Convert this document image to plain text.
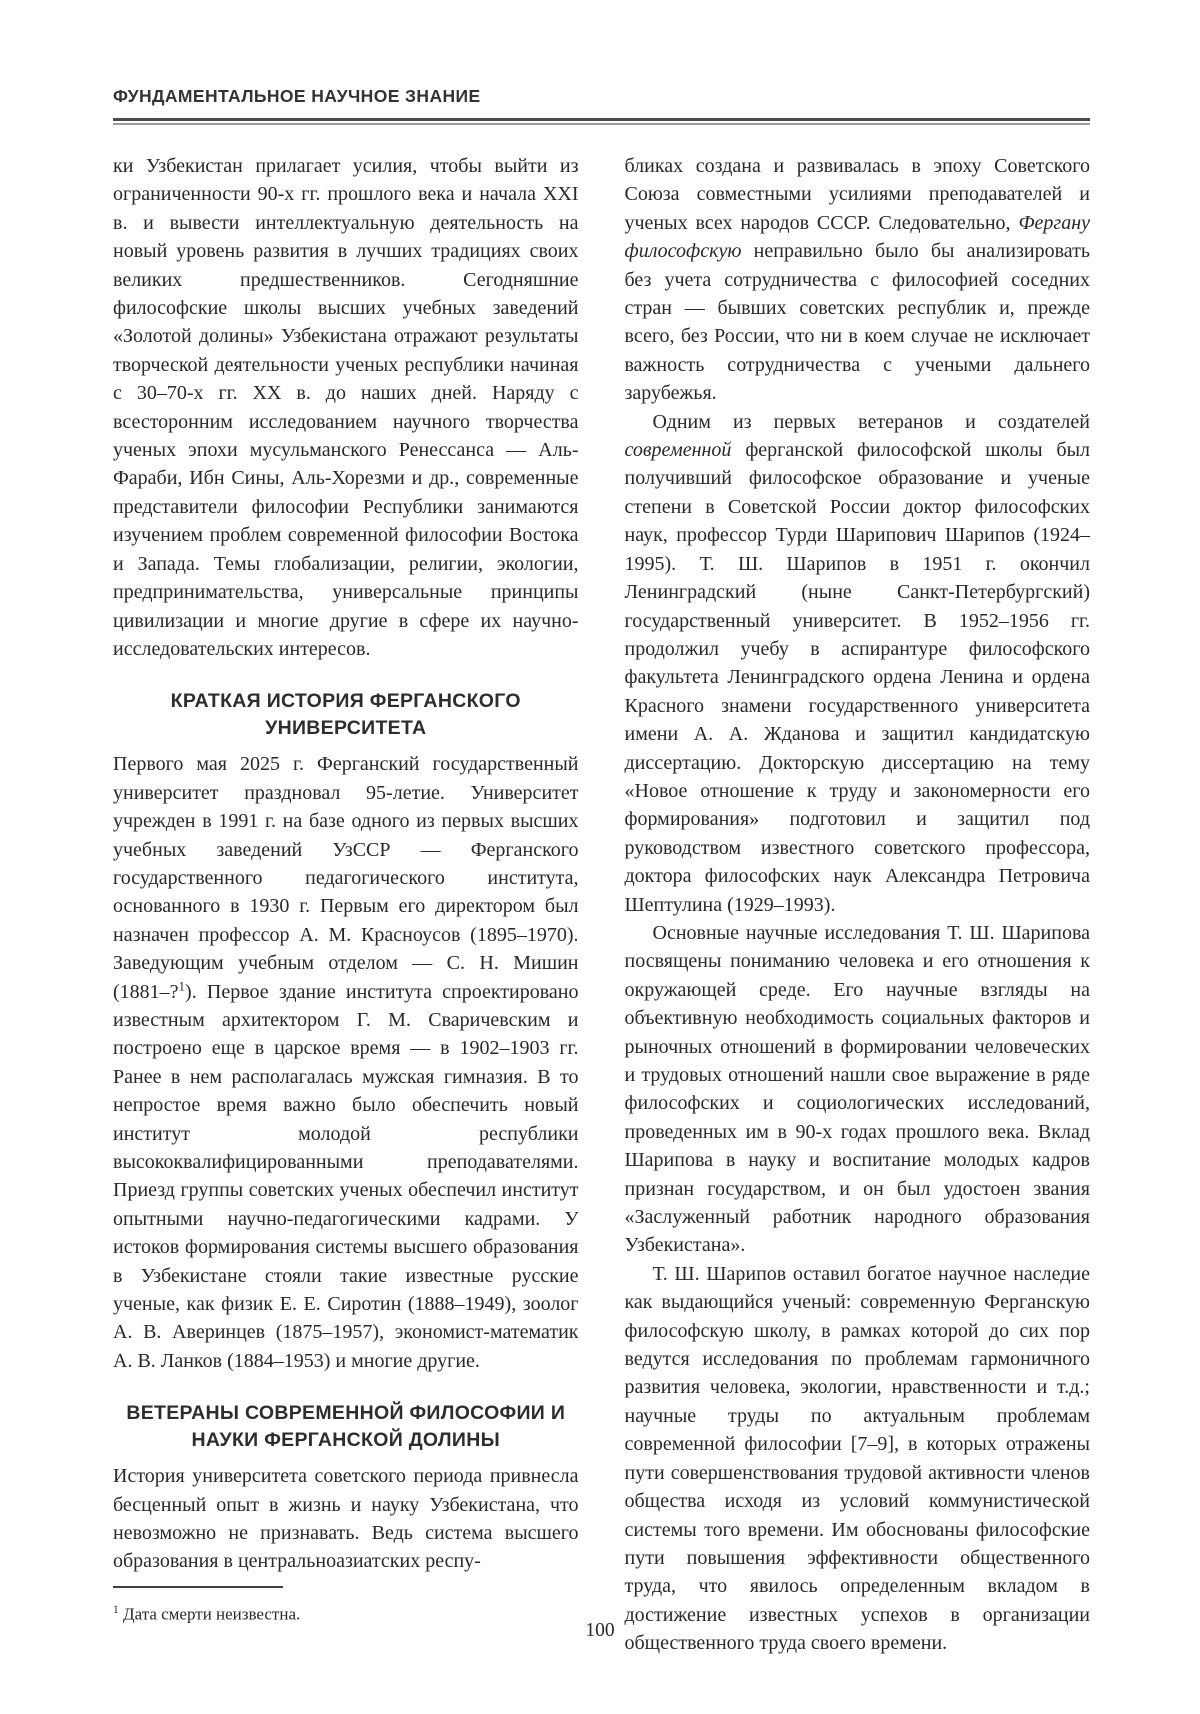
ФУНДАМЕНТАЛЬНОЕ НАУЧНОЕ ЗНАНИЕ

ки Узбекистан прилагает усилия, чтобы выйти из ограниченности 90-х гг. прошлого века и начала XXI в. и вывести интеллектуальную деятельность на новый уровень развития в лучших традициях своих великих предшественников. Сегодняшние философские школы высших учебных заведений «Золотой долины» Узбекистана отражают результаты творческой деятельности ученых республики начиная с 30–70-х гг. XX в. до наших дней. Наряду с всесторонним исследованием научного творчества ученых эпохи мусульманского Ренессанса — Аль-Фараби, Ибн Сины, Аль-Хорезми и др., современные представители философии Республики занимаются изучением проблем современной философии Востока и Запада. Темы глобализации, религии, экологии, предпринимательства, универсальные принципы цивилизации и многие другие в сфере их научно-исследовательских интересов.

КРАТКАЯ ИСТОРИЯ ФЕРГАНСКОГО УНИВЕРСИТЕТА

Первого мая 2025 г. Ферганский государственный университет праздновал 95-летие. Университет учрежден в 1991 г. на базе одного из первых высших учебных заведений УзССР — Ферганского государственного педагогического института, основанного в 1930 г. Первым его директором был назначен профессор А. М. Красноусов (1895–1970). Заведующим учебным отделом — С. Н. Мишин (1881–?$^1$). Первое здание института спроектировано известным архитектором Г. М. Сваричевским и построено еще в царское время — в 1902–1903 гг. Ранее в нем располагалась мужская гимназия. В то непростое время важно было обеспечить новый институт молодой республики высококвалифицированными преподавателями. Приезд группы советских ученых обеспечил институт опытными научно-педагогическими кадрами. У истоков формирования системы высшего образования в Узбекистане стояли такие известные русские ученые, как физик Е. Е. Сиротин (1888–1949), зоолог А. В. Аверинцев (1875–1957), экономист-математик А. В. Ланков (1884–1953) и многие другие.

ВЕТЕРАНЫ СОВРЕМЕННОЙ ФИЛОСОФИИ И НАУКИ ФЕРГАНСКОЙ ДОЛИНЫ

История университета советского периода привнесла бесценный опыт в жизнь и науку Узбекистана, что невозможно не признавать. Ведь система высшего образования в центральноазиатских респу-

$^1$ Дата смерти неизвестна.

бликах создана и развивалась в эпоху Советского Союза совместными усилиями преподавателей и ученых всех народов СССР. Следовательно, Фергану философскую неправильно было бы анализировать без учета сотрудничества с философией соседних стран — бывших советских республик и, прежде всего, без России, что ни в коем случае не исключает важность сотрудничества с учеными дальнего зарубежья.

Одним из первых ветеранов и создателей современной ферганской философской школы был получивший философское образование и ученые степени в Советской России доктор философских наук, профессор Турди Шарипович Шарипов (1924–1995). Т. Ш. Шарипов в 1951 г. окончил Ленинградский (ныне Санкт-Петербургский) государственный университет. В 1952–1956 гг. продолжил учебу в аспирантуре философского факультета Ленинградского ордена Ленина и ордена Красного знамени государственного университета имени А. А. Жданова и защитил кандидатскую диссертацию. Докторскую диссертацию на тему «Новое отношение к труду и закономерности его формирования» подготовил и защитил под руководством известного советского профессора, доктора философских наук Александра Петровича Шептулина (1929–1993).

Основные научные исследования Т. Ш. Шарипова посвящены пониманию человека и его отношения к окружающей среде. Его научные взгляды на объективную необходимость социальных факторов и рыночных отношений в формировании человеческих и трудовых отношений нашли свое выражение в ряде философских и социологических исследований, проведенных им в 90-х годах прошлого века. Вклад Шарипова в науку и воспитание молодых кадров признан государством, и он был удостоен звания «Заслуженный работник народного образования Узбекистана».

Т. Ш. Шарипов оставил богатое научное наследие как выдающийся ученый: современную Ферганскую философскую школу, в рамках которой до сих пор ведутся исследования по проблемам гармоничного развития человека, экологии, нравственности и т.д.; научные труды по актуальным проблемам современной философии [7–9], в которых отражены пути совершенствования трудовой активности членов общества исходя из условий коммунистической системы того времени. Им обоснованы философские пути повышения эффективности общественного труда, что явилось определенным вкладом в достижение известных успехов в организации общественного труда своего времени.

100
